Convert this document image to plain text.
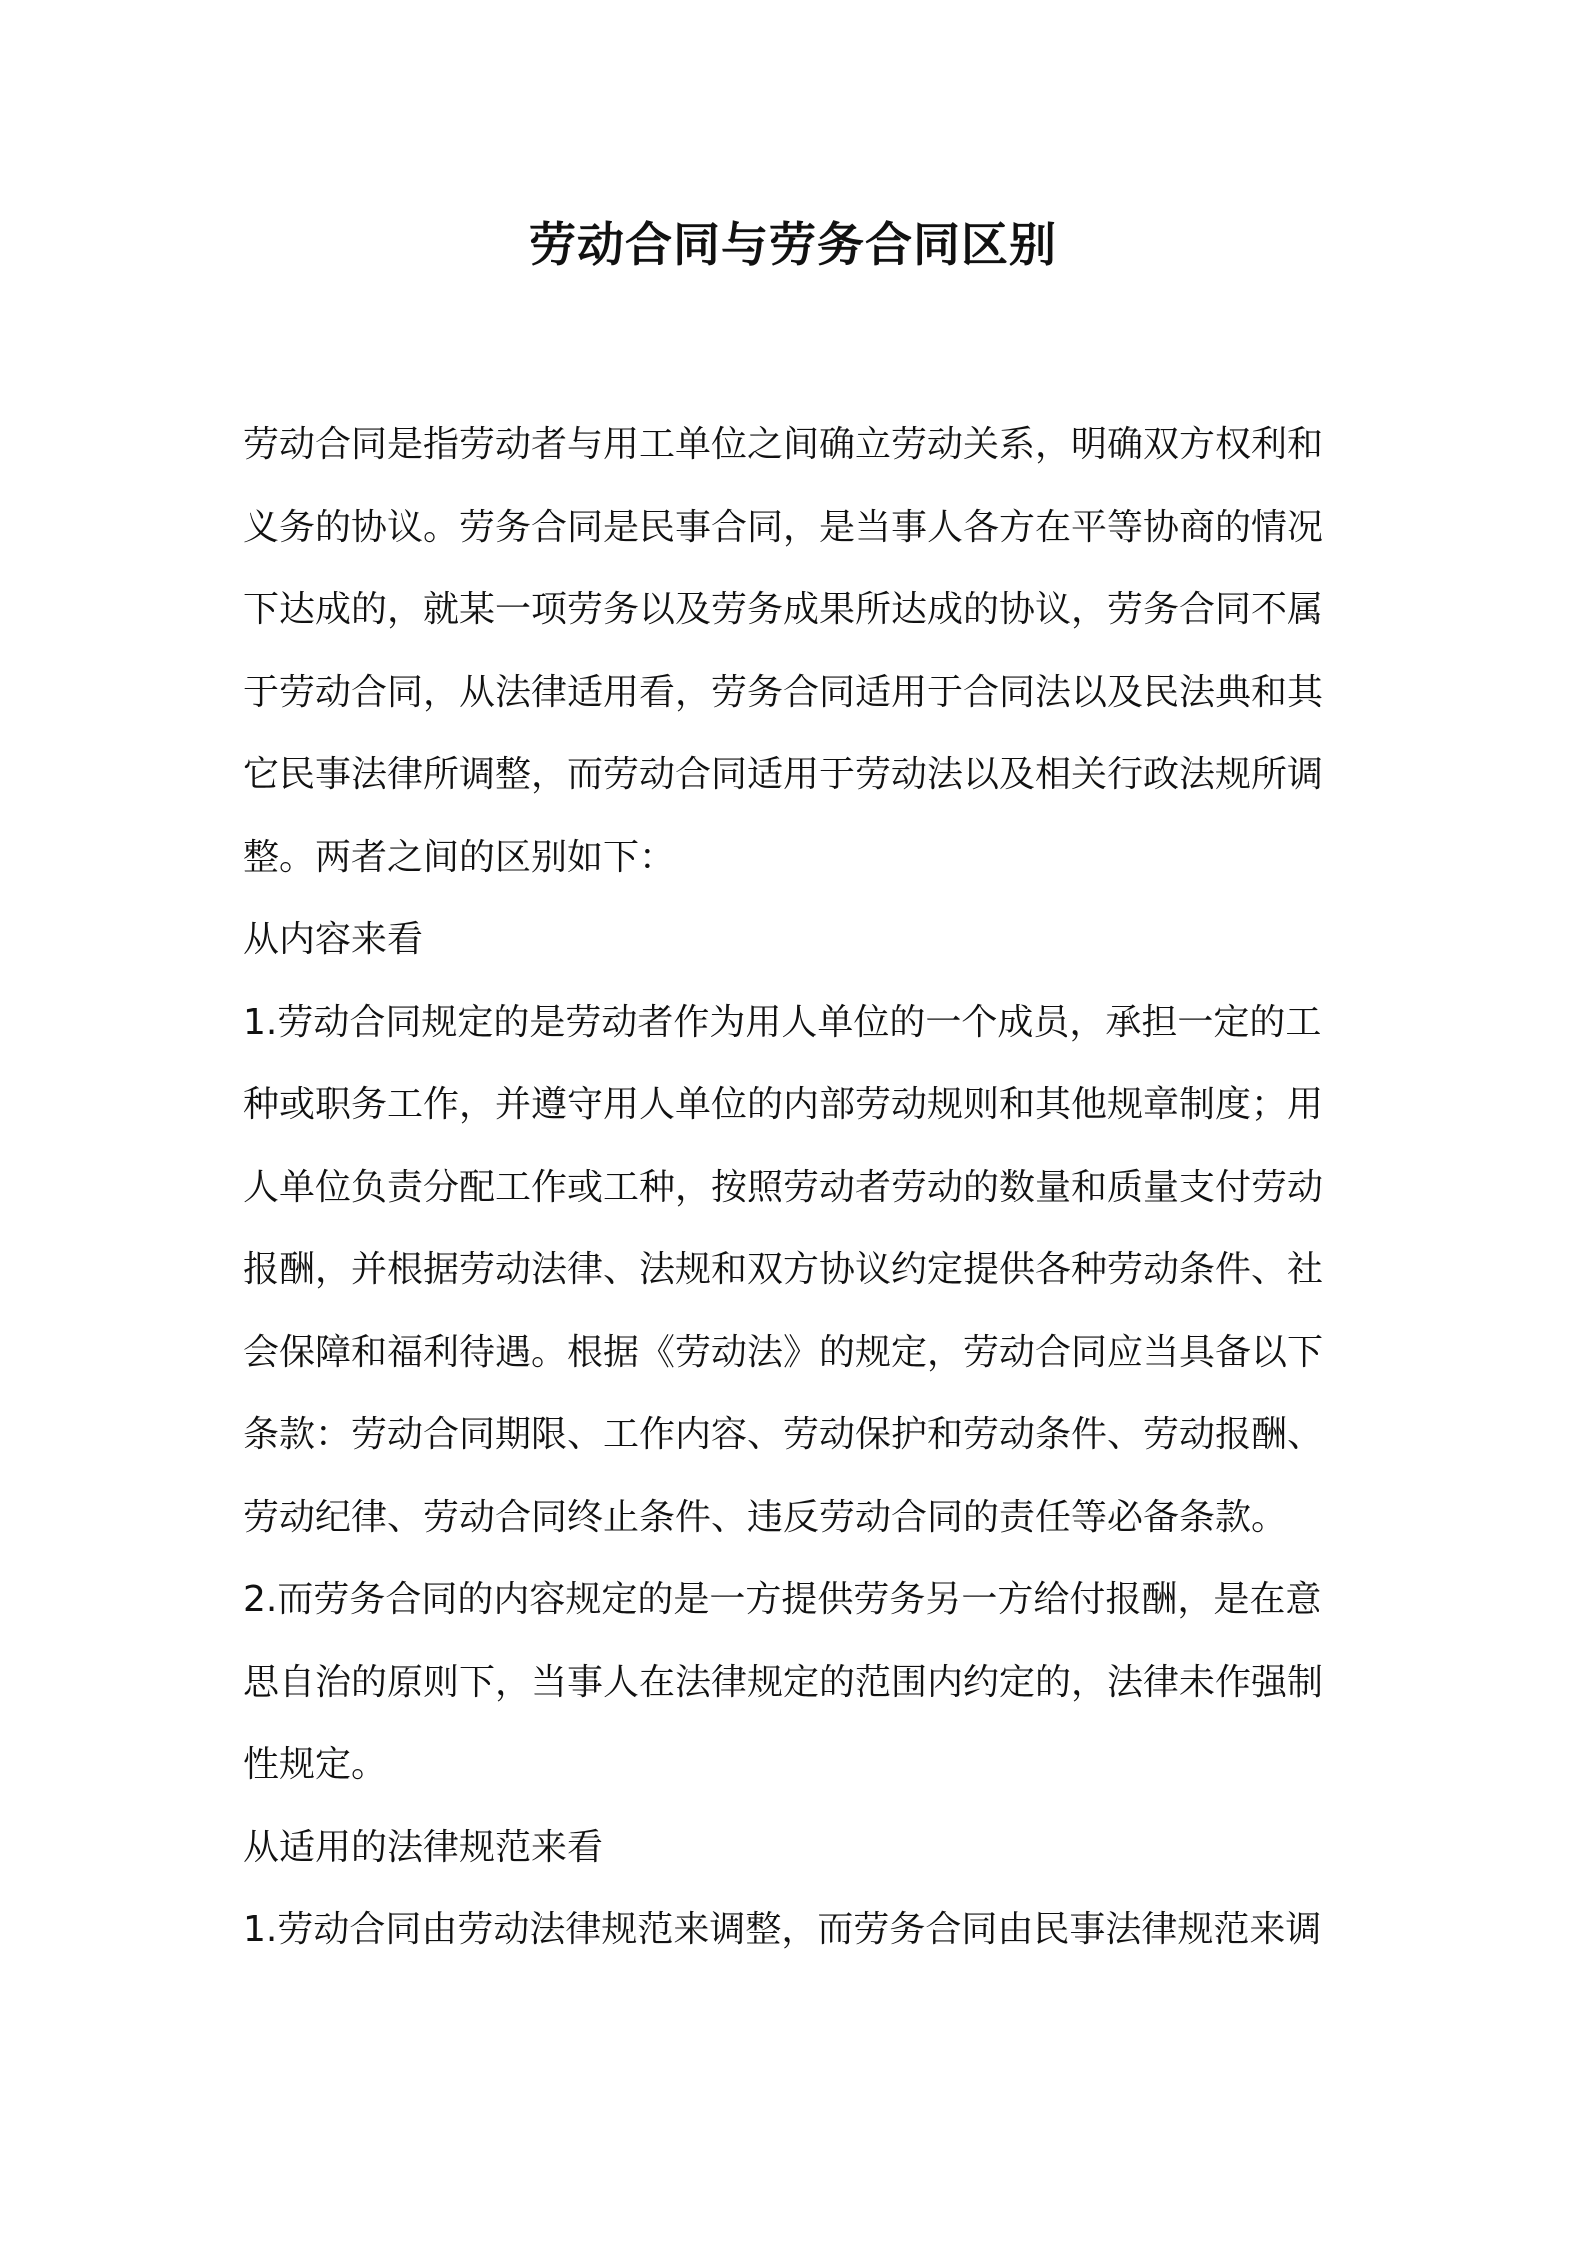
劳动合同与劳务合同区别

劳动合同是指劳动者与用工单位之间确立劳动关系，明确双方权利和
义务的协议。劳务合同是民事合同，是当事人各方在平等协商的情况
下达成的，就某一项劳务以及劳务成果所达成的协议，劳务合同不属
于劳动合同，从法律适用看，劳务合同适用于合同法以及民法典和其
它民事法律所调整，而劳动合同适用于劳动法以及相关行政法规所调
整。两者之间的区别如下：

从内容来看

1.劳动合同规定的是劳动者作为用人单位的一个成员，承担一定的工
种或职务工作，并遵守用人单位的内部劳动规则和其他规章制度；用
人单位负责分配工作或工种，按照劳动者劳动的数量和质量支付劳动
报酬，并根据劳动法律、法规和双方协议约定提供各种劳动条件、社
会保障和福利待遇。根据《劳动法》的规定，劳动合同应当具备以下
条款：劳动合同期限、工作内容、劳动保护和劳动条件、劳动报酬、
劳动纪律、劳动合同终止条件、违反劳动合同的责任等必备条款。

2.而劳务合同的内容规定的是一方提供劳务另一方给付报酬，是在意
思自治的原则下，当事人在法律规定的范围内约定的，法律未作强制
性规定。

从适用的法律规范来看

1.劳动合同由劳动法律规范来调整，而劳务合同由民事法律规范来调
